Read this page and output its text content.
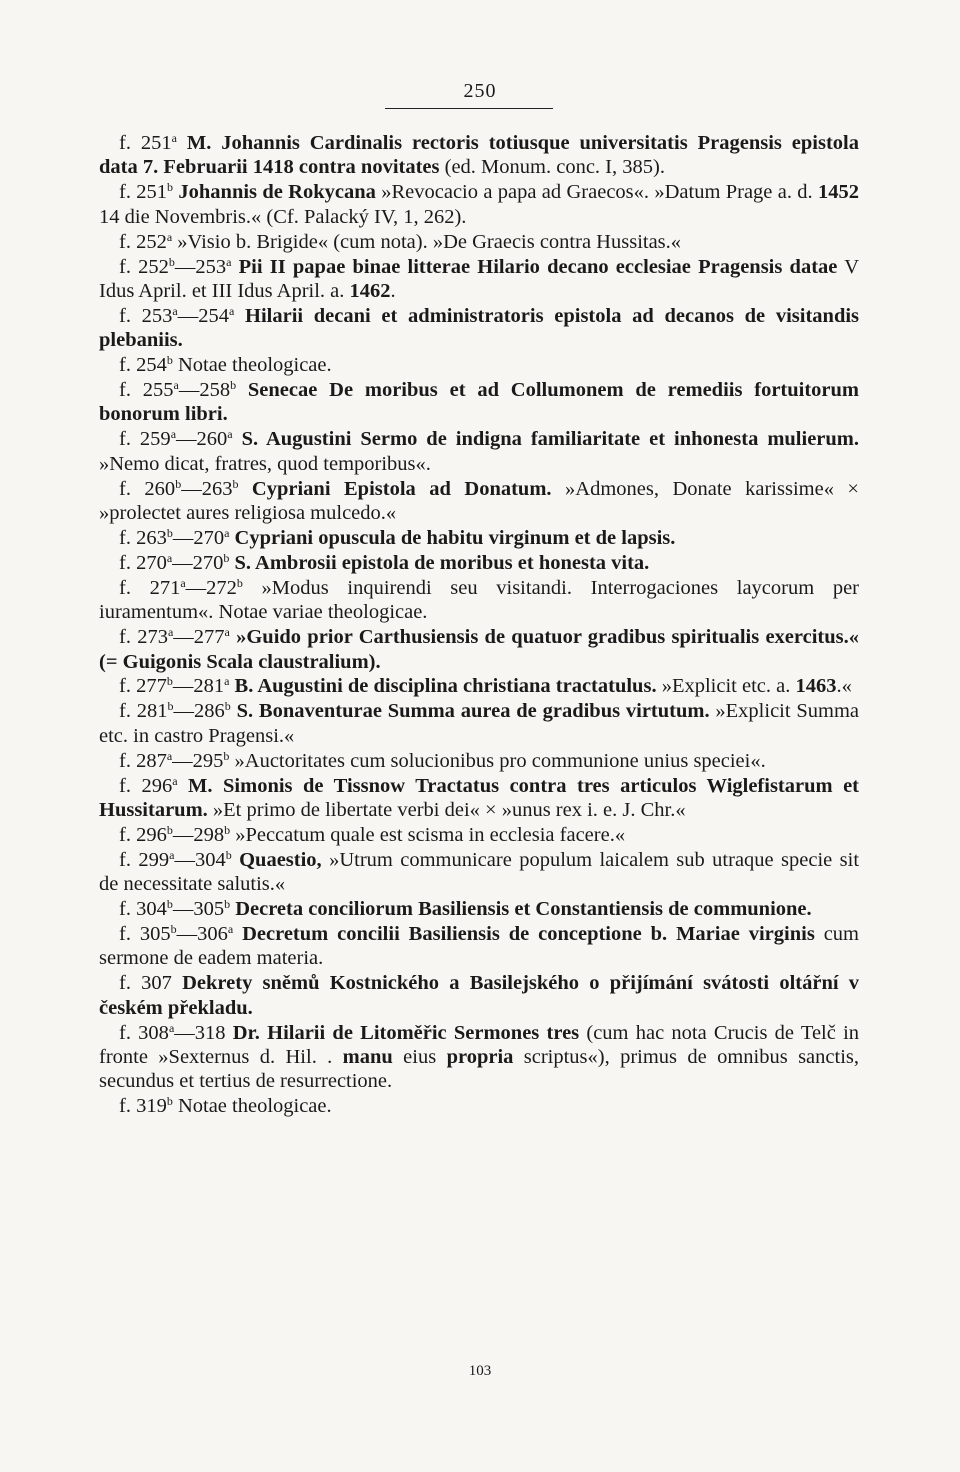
250

f. 251$^a$ M. Johannis Cardinalis rectoris totiusque universitatis Pragensis epistola data 7. Februarii 1418 contra novitates (ed. Monum. conc. I, 385).

f. 251$^b$ Johannis de Rokycana »Revocacio a papa ad Graecos«. »Datum Prage a. d. 1452 14 die Novembris.« (Cf. Palacký IV, 1, 262).

f. 252$^a$ »Visio b. Brigide« (cum nota). »De Graecis contra Hussitas.«

f. 252$^b$—253$^a$ Pii II papae binae litterae Hilario decano ecclesiae Pragensis datae V Idus April. et III Idus April. a. 1462.

f. 253$^a$—254$^a$ Hilarii decani et administratoris epistola ad decanos de visitandis plebaniis.

f. 254$^b$ Notae theologicae.

f. 255$^a$—258$^b$ Senecae De moribus et ad Collumonem de remediis fortuitorum bonorum libri.

f. 259$^a$—260$^a$ S. Augustini Sermo de indigna familiaritate et inhonesta mulierum. »Nemo dicat, fratres, quod temporibus«.

f. 260$^b$—263$^b$ Cypriani Epistola ad Donatum. »Admones, Donate karissime« × »prolectet aures religiosa mulcedo.«

f. 263$^b$—270$^a$ Cypriani opuscula de habitu virginum et de lapsis.

f. 270$^a$—270$^b$ S. Ambrosii epistola de moribus et honesta vita.

f. 271$^a$—272$^b$ »Modus inquirendi seu visitandi. Interrogaciones laycorum per iuramentum«. Notae variae theologicae.

f. 273$^a$—277$^a$ »Guido prior Carthusiensis de quatuor gradibus spiritualis exercitus.« (= Guigonis Scala claustralium).

f. 277$^b$—281$^a$ B. Augustini de disciplina christiana tractatulus. »Explicit etc. a. 1463.«

f. 281$^b$—286$^b$ S. Bonaventurae Summa aurea de gradibus virtutum. »Explicit Summa etc. in castro Pragensi.«

f. 287$^a$—295$^b$ »Auctoritates cum solucionibus pro communione unius speciei«.

f. 296$^a$ M. Simonis de Tissnow Tractatus contra tres articulos Wiglefistarum et Hussitarum. »Et primo de libertate verbi dei« × »unus rex i. e. J. Chr.«

f. 296$^b$—298$^b$ »Peccatum quale est scisma in ecclesia facere.«

f. 299$^a$—304$^b$ Quaestio, »Utrum communicare populum laicalem sub utraque specie sit de necessitate salutis.«

f. 304$^b$—305$^b$ Decreta conciliorum Basiliensis et Constantiensis de communione.

f. 305$^b$—306$^a$ Decretum concilii Basiliensis de conceptione b. Mariae virginis cum sermone de eadem materia.

f. 307 Dekrety sněmů Kostnického a Basilejského o přijímání svátosti oltářní v českém překladu.

f. 308$^a$—318 Dr. Hilarii de Litoměřic Sermones tres (cum hac nota Crucis de Telč in fronte »Sexternus d. Hil. . manu eius propria scriptus«), primus de omnibus sanctis, secundus et tertius de resurrectione.

f. 319$^b$ Notae theologicae.

103
